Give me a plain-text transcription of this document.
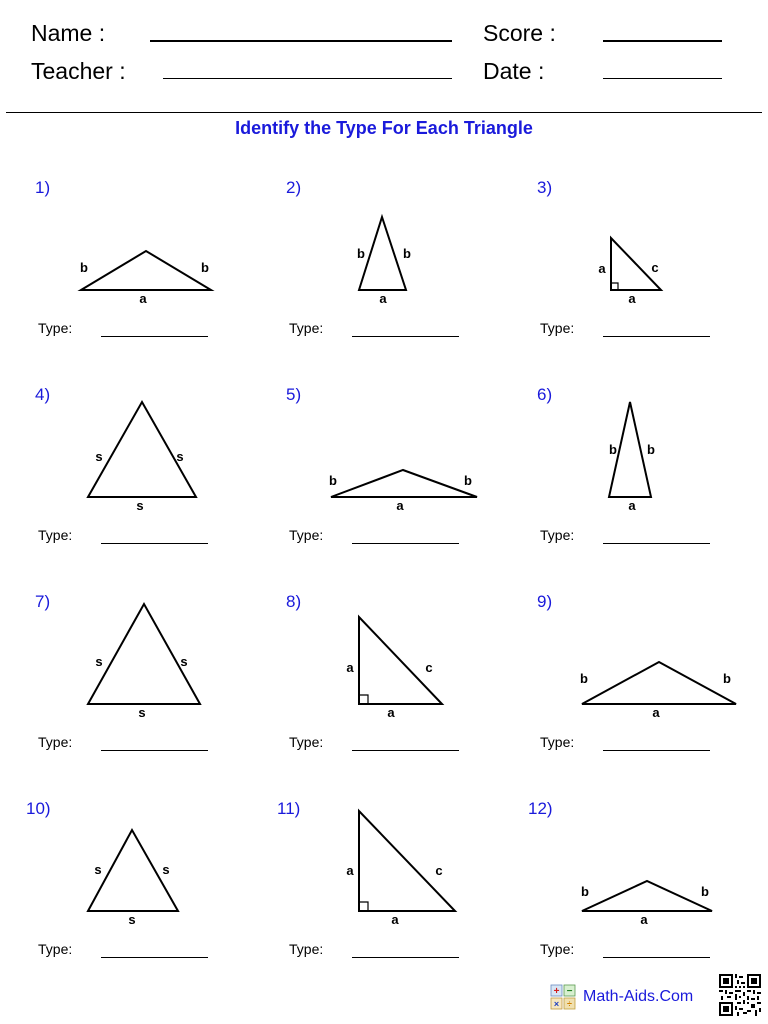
Name :
Teacher :
Score :
Date :
Identify the Type For Each Triangle
1)
b	b
a
Type:
2)
b	b
a
Type:
3)
a	c
a
Type:
4)
s	s
s
Type:
5)
b	b
a
Type:
6)
b b
a
Type:
7)
s	s
s
Type:
8)
a	c
a
Type:
9)
b	b
a
Type:
10)
s	s
s
Type:
11)
a	c
a
Type:
12)
b	b
a
Type:
+ −
× ÷ Math-Aids.Com
